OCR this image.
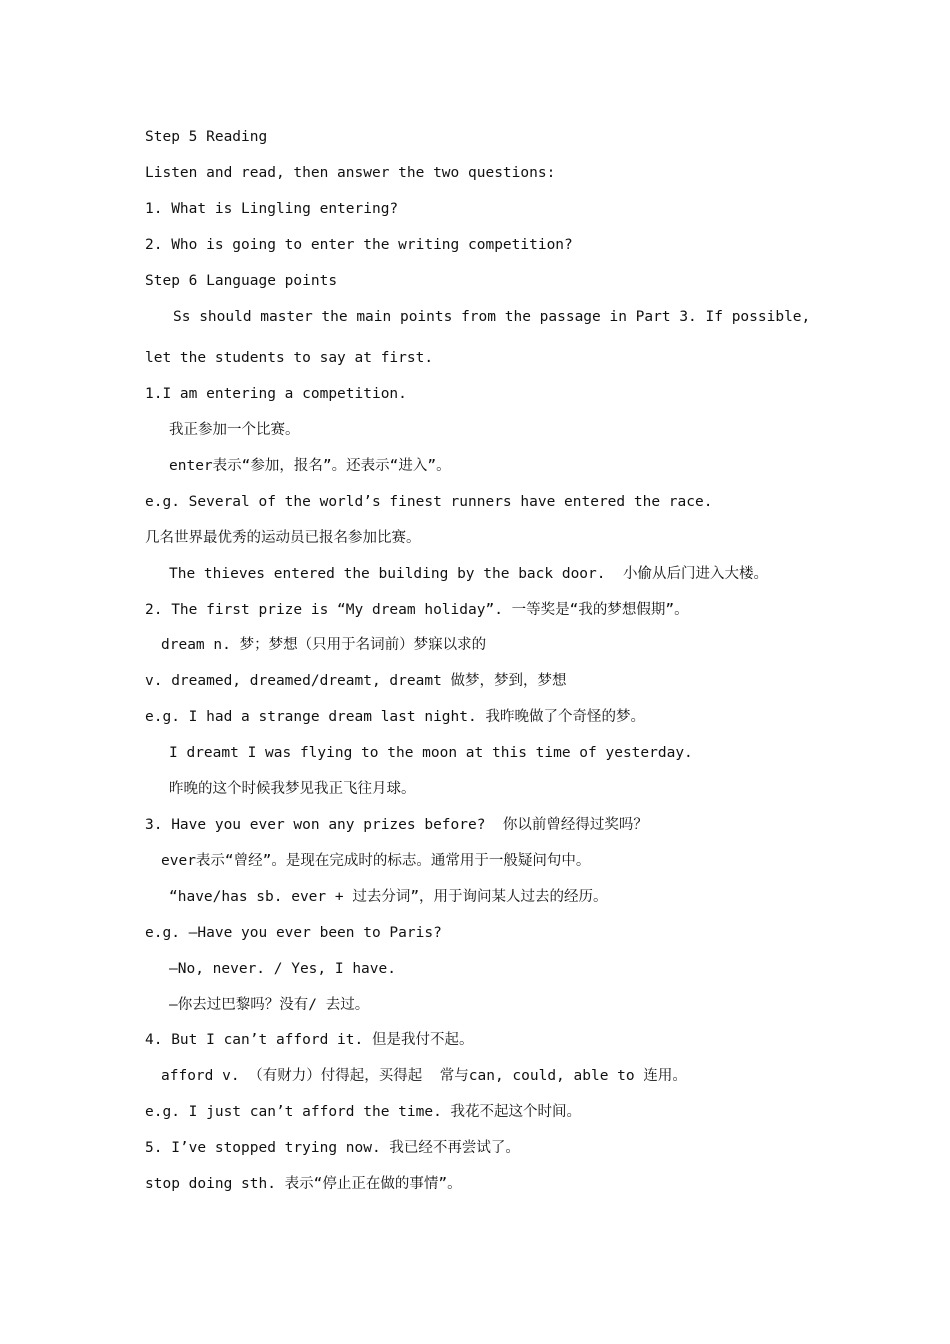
Step 5 Reading
Listen and read, then answer the two questions:
1. What is Lingling entering?
2. Who is going to enter the writing competition?
Step 6 Language points
Ss should master the main points from the passage in Part 3. If possible,
let the students to say at first.
1.I am entering a competition.
我正参加一个比赛。
enter表示“参加，报名”。还表示“进入”。
e.g. Several of the world’s finest runners have entered the race.
几名世界最优秀的运动员已报名参加比赛。
The thieves entered the building by the back door.  小偷从后门进入大楼。
2. The first prize is “My dream holiday”. 一等奖是“我的梦想假期”。
dream n. 梦；梦想（只用于名词前）梦寐以求的
v. dreamed, dreamed/dreamt, dreamt 做梦，梦到，梦想
e.g. I had a strange dream last night. 我昨晚做了个奇怪的梦。
I dreamt I was flying to the moon at this time of yesterday.
昨晚的这个时候我梦见我正飞往月球。
3. Have you ever won any prizes before?  你以前曾经得过奖吗？
ever表示“曾经”。是现在完成时的标志。通常用于一般疑问句中。
“have/has sb. ever + 过去分词”，用于询问某人过去的经历。
e.g. —Have you ever been to Paris?
—No, never. / Yes, I have.
—你去过巴黎吗？没有/ 去过。
4. But I can’t afford it. 但是我付不起。
afford v. （有财力）付得起，买得起  常与can, could, able to 连用。
e.g. I just can’t afford the time. 我花不起这个时间。
5. I’ve stopped trying now. 我已经不再尝试了。
stop doing sth. 表示“停止正在做的事情”。
